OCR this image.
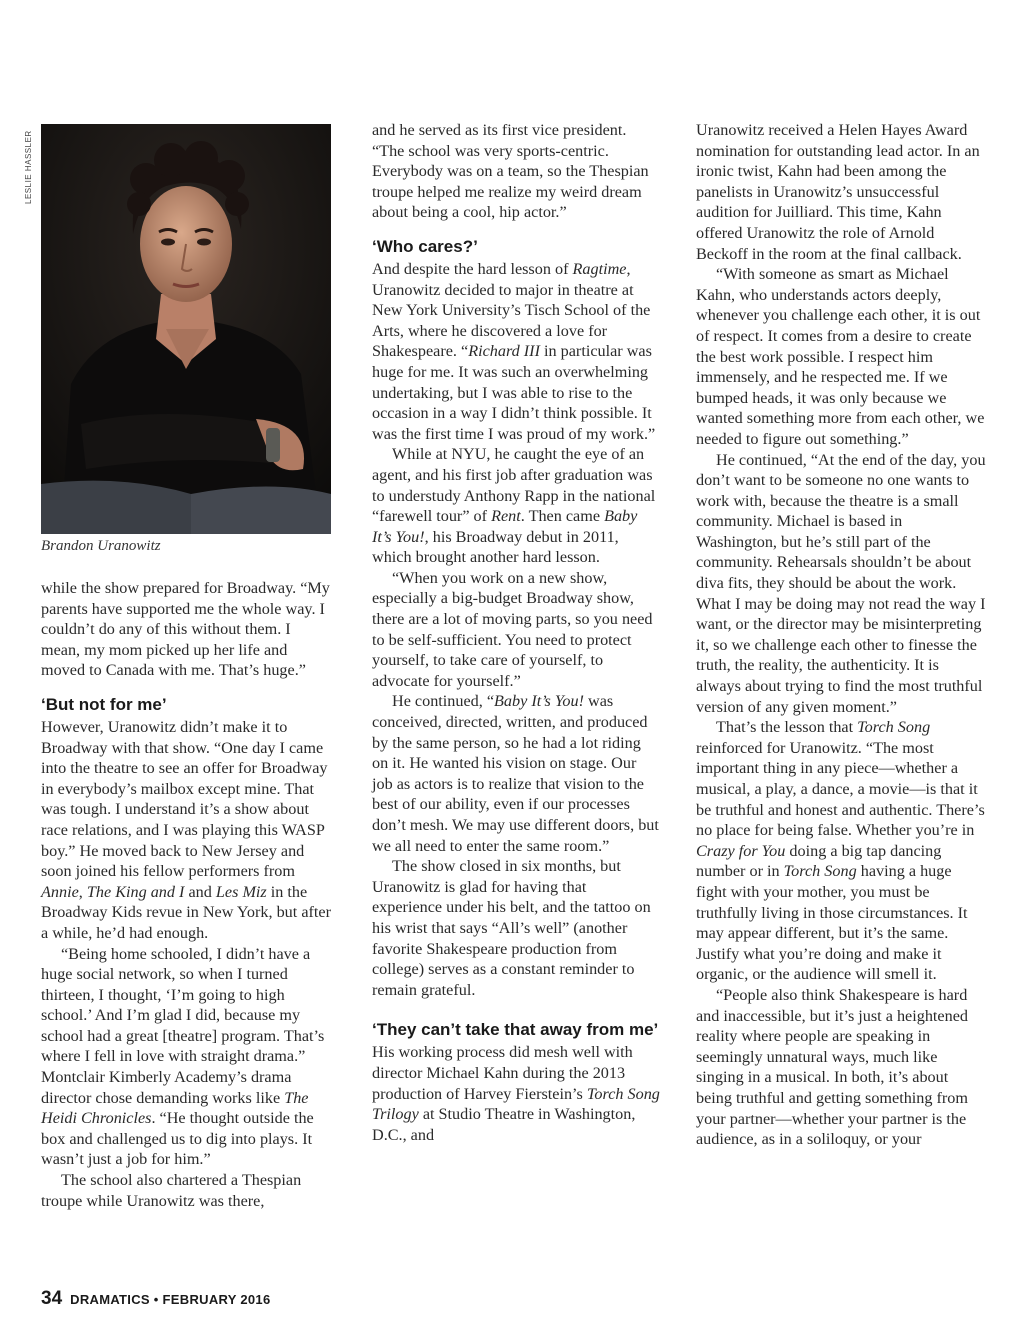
LESLIE HASSLER
Brandon Uranowitz

while the show prepared for Broadway. “My parents have supported me the whole way. I couldn’t do any of this without them. I mean, my mom picked up her life and moved to Canada with me. That’s huge.”

‘But not for me’

However, Uranowitz didn’t make it to Broadway with that show. “One day I came into the theatre to see an offer for Broadway in everybody’s mailbox except mine. That was tough. I understand it’s a show about race relations, and I was playing this WASP boy.” He moved back to New Jersey and soon joined his fellow performers from Annie, The King and I and Les Miz in the Broadway Kids revue in New York, but after a while, he’d had enough.

“Being home schooled, I didn’t have a huge social network, so when I turned thirteen, I thought, ‘I’m going to high school.’ And I’m glad I did, because my school had a great [theatre] program. That’s where I fell in love with straight drama.” Montclair Kimberly Academy’s drama director chose demanding works like The Heidi Chronicles. “He thought outside the box and challenged us to dig into plays. It wasn’t just a job for him.”

The school also chartered a Thespian troupe while Uranowitz was there,

and he served as its first vice president. “The school was very sports-centric. Everybody was on a team, so the Thespian troupe helped me realize my weird dream about being a cool, hip actor.”

‘Who cares?’

And despite the hard lesson of Ragtime, Uranowitz decided to major in theatre at New York University’s Tisch School of the Arts, where he discovered a love for Shakespeare. “Richard III in particular was huge for me. It was such an overwhelming undertaking, but I was able to rise to the occasion in a way I didn’t think possible. It was the first time I was proud of my work.”

While at NYU, he caught the eye of an agent, and his first job after graduation was to understudy Anthony Rapp in the national “farewell tour” of Rent. Then came Baby It’s You!, his Broadway debut in 2011, which brought another hard lesson.

“When you work on a new show, especially a big-budget Broadway show, there are a lot of moving parts, so you need to be self-sufficient. You need to protect yourself, to take care of yourself, to advocate for yourself.”

He continued, “Baby It’s You! was conceived, directed, written, and produced by the same person, so he had a lot riding on it. He wanted his vision on stage. Our job as actors is to realize that vision to the best of our ability, even if our processes don’t mesh. We may use different doors, but we all need to enter the same room.”

The show closed in six months, but Uranowitz is glad for having that experience under his belt, and the tattoo on his wrist that says “All’s well” (another favorite Shakespeare production from college) serves as a constant reminder to remain grateful.

‘They can’t take that away from me’

His working process did mesh well with director Michael Kahn during the 2013 production of Harvey Fierstein’s Torch Song Trilogy at Studio Theatre in Washington, D.C., and

Uranowitz received a Helen Hayes Award nomination for outstanding lead actor. In an ironic twist, Kahn had been among the panelists in Uranowitz’s unsuccessful audition for Juilliard. This time, Kahn offered Uranowitz the role of Arnold Beckoff in the room at the final callback.

“With someone as smart as Michael Kahn, who understands actors deeply, whenever you challenge each other, it is out of respect. It comes from a desire to create the best work possible. I respect him immensely, and he respected me. If we bumped heads, it was only because we wanted something more from each other, we needed to figure out something.”

He continued, “At the end of the day, you don’t want to be someone no one wants to work with, because the theatre is a small community. Michael is based in Washington, but he’s still part of the community. Rehearsals shouldn’t be about diva fits, they should be about the work. What I may be doing may not read the way I want, or the director may be misinterpreting it, so we challenge each other to finesse the truth, the reality, the authenticity. It is always about trying to find the most truthful version of any given moment.”

That’s the lesson that Torch Song reinforced for Uranowitz. “The most important thing in any piece—whether a musical, a play, a dance, a movie—is that it be truthful and honest and authentic. There’s no place for being false. Whether you’re in Crazy for You doing a big tap dancing number or in Torch Song having a huge fight with your mother, you must be truthfully living in those circumstances. It may appear different, but it’s the same. Justify what you’re doing and make it organic, or the audience will smell it.

“People also think Shakespeare is hard and inaccessible, but it’s just a heightened reality where people are speaking in seemingly unnatural ways, much like singing in a musical. In both, it’s about being truthful and getting something from your partner—whether your partner is the audience, as in a soliloquy, or your

34 DRAMATICS • FEBRUARY 2016
